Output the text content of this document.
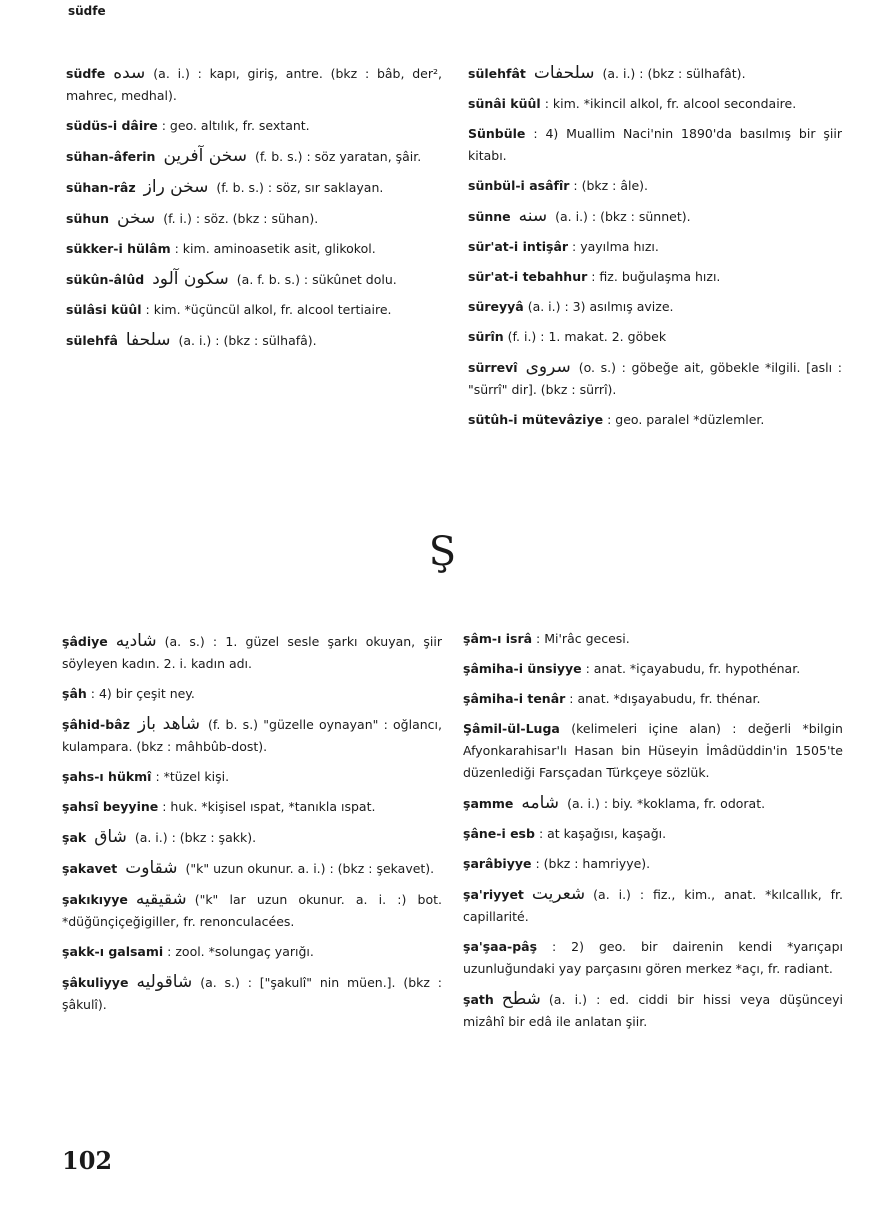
südfe
südfe سده (a. i.) : kapı, giriş, antre. (bkz : bâb, der², mahrec, medhal).
südüs-i dâire : geo. altılık, fr. sextant.
sühan-âferin سخن آفرین (f. b. s.) : söz yaratan, şâir.
sühan-râz سخن راز (f. b. s.) : söz, sır saklayan.
sühun سخن (f. i.) : söz. (bkz : sühan).
sükker-i hülâm : kim. aminoasetik asit, glikokol.
sükûn-âlûd سکون آلود (a. f. b. s.) : sükûnet dolu.
sülâsi küûl : kim. *üçüncül alkol, fr. alcool tertiaire.
sülehfâ سلحفا (a. i.) : (bkz : sülhafâ).
sülehfât سلحفات (a. i.) : (bkz : sülhafât).
sünâi küûl : kim. *ikincil alkol, fr. alcool secondaire.
Sünbüle : 4) Muallim Naci'nin 1890'da basılmış bir şiir kitabı.
sünbül-i asâfîr : (bkz : âle).
sünne سنه (a. i.) : (bkz : sünnet).
sür'at-i intişâr : yayılma hızı.
sür'at-i tebahhur : fiz. buğulaşma hızı.
süreyyâ (a. i.) : 3) asılmış avize.
sürîn (f. i.) : 1. makat. 2. göbek
sürrevî سروی (o. s.) : göbeğe ait, göbekle *ilgili. [aslı : "sürrî" dir]. (bkz : sürrî).
sütûh-i mütevâziye : geo. paralel *düzlemler.
Ş
şâdiye شادیه (a. s.) : 1. güzel sesle şarkı okuyan, şiir söyleyen kadın. 2. i. kadın adı.
şâh : 4) bir çeşit ney.
şâhid-bâz شاهد باز (f. b. s.) "güzelle oynayan" : oğlancı, kulampara. (bkz : mâhbûb-dost).
şahs-ı hükmî : *tüzel kişi.
şahsî beyyine : huk. *kişisel ıspat, *tanıkla ıspat.
şak شاق (a. i.) : (bkz : şakk).
şakavet شقاوت ("k" uzun okunur. a. i.) : (bkz : şekavet).
şakıkıyye شقیقیه ("k" lar uzun okunur. a. i. :) bot. *düğünçiçeğigiller, fr. renonculacées.
şakk-ı galsami : zool. *solungaç yarığı.
şâkuliyye شاقولیه (a. s.) : ["şakulî" nin müen.]. (bkz : şâkulî).
şâm-ı isrâ : Mi'râc gecesi.
şâmiha-i ünsiyye : anat. *içayabudu, fr. hypothénar.
şâmiha-i tenâr : anat. *dışayabudu, fr. thénar.
Şâmil-ül-Luga (kelimeleri içine alan) : değerli *bilgin Afyonkarahisar'lı Hasan bin Hüseyin İmâdüddin'in 1505'te düzenlediği Farsçadan Türkçeye sözlük.
şamme شامه (a. i.) : biy. *koklama, fr. odorat.
şâne-i esb : at kaşağısı, kaşağı.
şarâbiyye : (bkz : hamriyye).
şa'riyyet شعریت (a. i.) : fiz., kim., anat. *kılcallık, fr. capillarité.
şa'şaa-pâş : 2) geo. bir dairenin kendi *yarıçapı uzunluğundaki yay parçasını gören merkez *açı, fr. radiant.
şath شطح (a. i.) : ed. ciddi bir hissi veya düşünceyi mizâhî bir edâ ile anlatan şiir.
102
